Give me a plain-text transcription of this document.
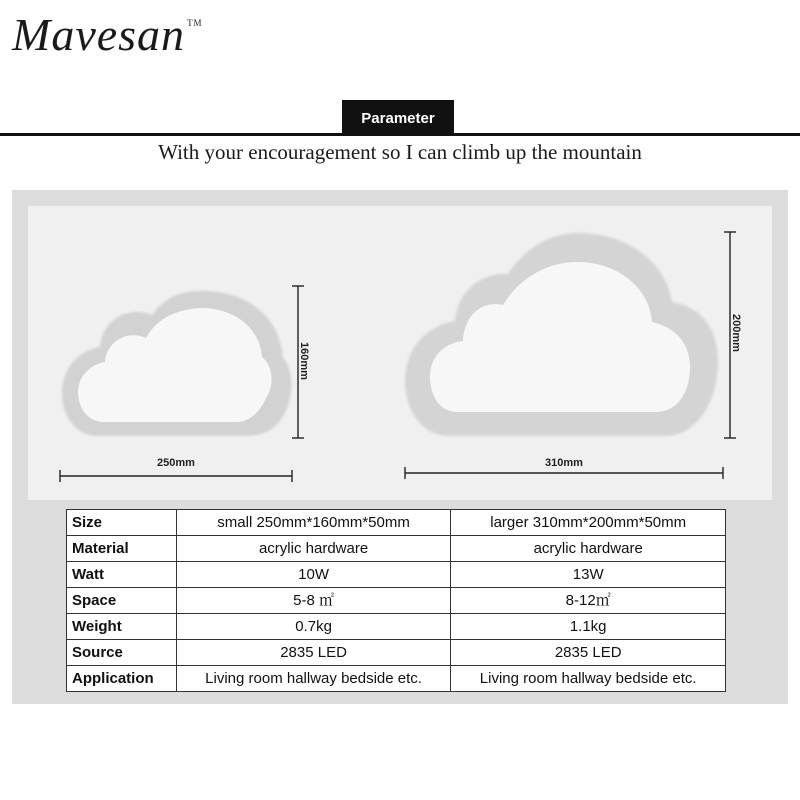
Mavesan ™
Parameter
With your encouragement so I can climb up the mountain
250mm
160mm
310mm
200mm
Size	small 250mm*160mm*50mm	larger 310mm*200mm*50mm
Material	acrylic hardware	acrylic hardware
Watt	10W	13W
Space	5-8 ㎡	8-12㎡
Weight	0.7kg	1.1kg
Source	2835 LED	2835 LED
Application	Living room hallway bedside etc.	Living room hallway bedside etc.
